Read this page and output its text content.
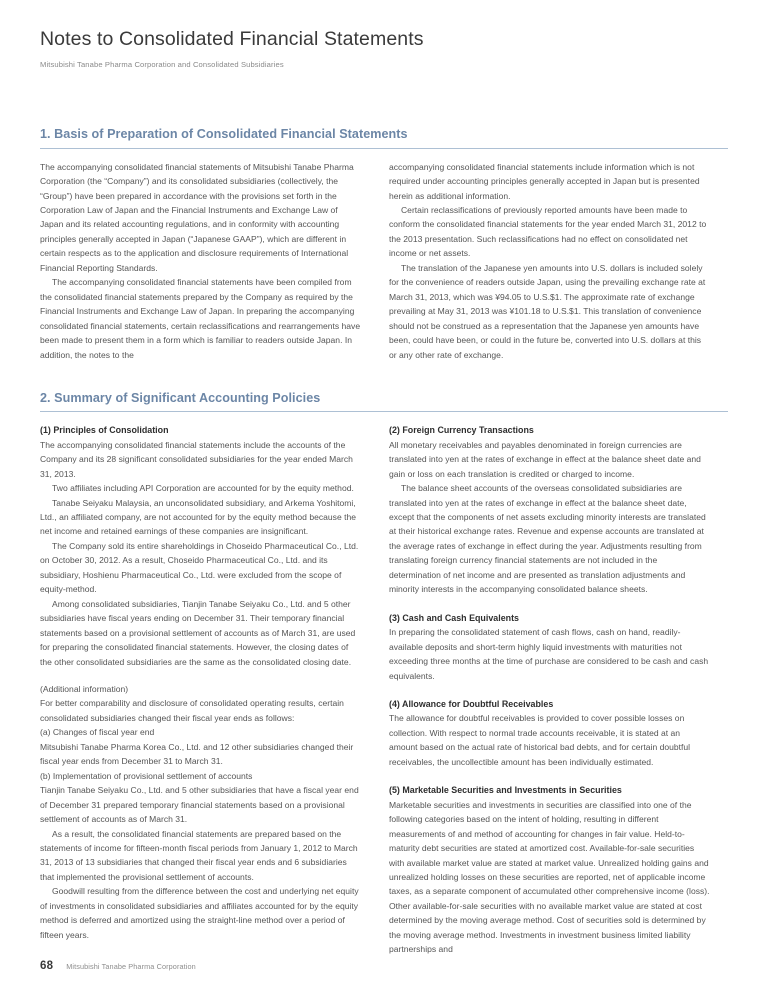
Notes to Consolidated Financial Statements

Mitsubishi Tanabe Pharma Corporation and Consolidated Subsidiaries

1. Basis of Preparation of Consolidated Financial Statements

The accompanying consolidated financial statements of Mitsubishi Tanabe Pharma Corporation (the “Company”) and its consolidated subsidiaries (collectively, the “Group”) have been prepared in accordance with the provisions set forth in the Corporation Law of Japan and the Financial Instruments and Exchange Law of Japan and its related accounting regulations, and in conformity with accounting principles generally accepted in Japan (“Japanese GAAP”), which are different in certain respects as to the application and disclosure requirements of International Financial Reporting Standards.

The accompanying consolidated financial statements have been compiled from the consolidated financial statements prepared by the Company as required by the Financial Instruments and Exchange Law of Japan. In preparing the accompanying consolidated financial statements, certain reclassifications and rearrangements have been made to present them in a form which is familiar to readers outside Japan. In addition, the notes to the

accompanying consolidated financial statements include information which is not required under accounting principles generally accepted in Japan but is presented herein as additional information.

Certain reclassifications of previously reported amounts have been made to conform the consolidated financial statements for the year ended March 31, 2012 to the 2013 presentation. Such reclassifications had no effect on consolidated net income or net assets.

The translation of the Japanese yen amounts into U.S. dollars is included solely for the convenience of readers outside Japan, using the prevailing exchange rate at March 31, 2013, which was ¥94.05 to U.S.$1. The approximate rate of exchange prevailing at May 31, 2013 was ¥101.18 to U.S.$1. This translation of convenience should not be construed as a representation that the Japanese yen amounts have been, could have been, or could in the future be, converted into U.S. dollars at this or any other rate of exchange.

2. Summary of Significant Accounting Policies
(1) Principles of Consolidation

The accompanying consolidated financial statements include the accounts of the Company and its 28 significant consolidated subsidiaries for the year ended March 31, 2013.

Two affiliates including API Corporation are accounted for by the equity method.

Tanabe Seiyaku Malaysia, an unconsolidated subsidiary, and Arkema Yoshitomi, Ltd., an affiliated company, are not accounted for by the equity method because the net income and retained earnings of these companies are insignificant.

The Company sold its entire shareholdings in Choseido Pharmaceutical Co., Ltd. on October 30, 2012. As a result, Choseido Pharmaceutical Co., Ltd. and its subsidiary, Hoshienu Pharmaceutical Co., Ltd. were excluded from the scope of equity-method.

Among consolidated subsidiaries, Tianjin Tanabe Seiyaku Co., Ltd. and 5 other subsidiaries have fiscal years ending on December 31. Their temporary financial statements based on a provisional settlement of accounts as of March 31, are used for preparing the consolidated financial statements. However, the closing dates of the other consolidated subsidiaries are the same as the consolidated closing date.

(Additional information)

For better comparability and disclosure of consolidated operating results, certain consolidated subsidiaries changed their fiscal year ends as follows:

(a) Changes of fiscal year end

Mitsubishi Tanabe Pharma Korea Co., Ltd. and 12 other subsidiaries changed their fiscal year ends from December 31 to March 31.

(b) Implementation of provisional settlement of accounts

Tianjin Tanabe Seiyaku Co., Ltd. and 5 other subsidiaries that have a fiscal year end of December 31 prepared temporary financial statements based on a provisional settlement of accounts as of March 31.

As a result, the consolidated financial statements are prepared based on the statements of income for fifteen-month fiscal periods from January 1, 2012 to March 31, 2013 of 13 subsidiaries that changed their fiscal year ends and 6 subsidiaries that implemented the provisional settlement of accounts.

Goodwill resulting from the difference between the cost and underlying net equity of investments in consolidated subsidiaries and affiliates accounted for by the equity method is deferred and amortized using the straight-line method over a period of fifteen years.

(2) Foreign Currency Transactions

All monetary receivables and payables denominated in foreign currencies are translated into yen at the rates of exchange in effect at the balance sheet date and gain or loss on each translation is credited or charged to income.

The balance sheet accounts of the overseas consolidated subsidiaries are translated into yen at the rates of exchange in effect at the balance sheet date, except that the components of net assets excluding minority interests are translated at their historical exchange rates. Revenue and expense accounts are translated at the average rates of exchange in effect during the year. Adjustments resulting from translating foreign currency financial statements are not included in the determination of net income and are presented as translation adjustments and minority interests in the accompanying consolidated balance sheets.

(3) Cash and Cash Equivalents

In preparing the consolidated statement of cash flows, cash on hand, readily-available deposits and short-term highly liquid investments with maturities not exceeding three months at the time of purchase are considered to be cash and cash equivalents.

(4) Allowance for Doubtful Receivables

The allowance for doubtful receivables is provided to cover possible losses on collection. With respect to normal trade accounts receivable, it is stated at an amount based on the actual rate of historical bad debts, and for certain doubtful receivables, the uncollectible amount has been individually estimated.

(5) Marketable Securities and Investments in Securities

Marketable securities and investments in securities are classified into one of the following categories based on the intent of holding, resulting in different measurements of and method of accounting for changes in fair value. Held-to-maturity debt securities are stated at amortized cost. Available-for-sale securities with available market value are stated at market value. Unrealized holding gains and unrealized holding losses on these securities are reported, net of applicable income taxes, as a separate component of accumulated other comprehensive income (loss). Other available-for-sale securities with no available market value are stated at cost determined by the moving average method. Cost of securities sold is determined by the moving average method. Investments in investment business limited liability partnerships and

68 Mitsubishi Tanabe Pharma Corporation
